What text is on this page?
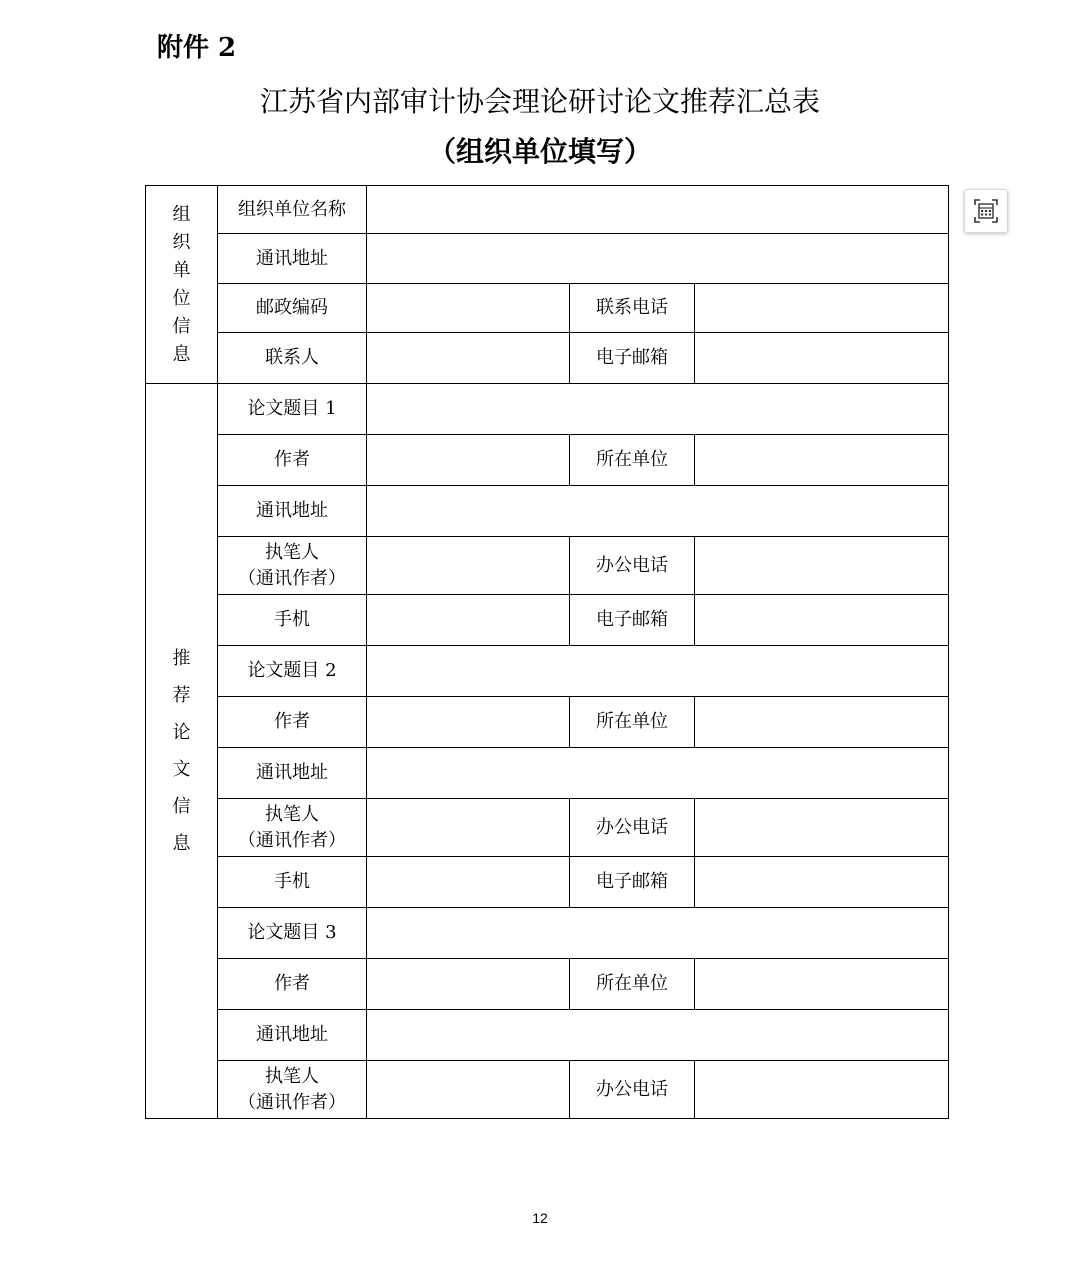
附件 2
江苏省内部审计协会理论研讨论文推荐汇总表
（组织单位填写）
组织单位信息	组织单位名称			
	通讯地址			
	邮政编码		联系电话	
	联系人		电子邮箱	
推荐论文信息	论文题目 1			
	作者		所在单位	
	通讯地址			
	执笔人
（通讯作者）		办公电话	
	手机		电子邮箱	
	论文题目 2			
	作者		所在单位	
	通讯地址			
	执笔人
（通讯作者）		办公电话	
	手机		电子邮箱	
	论文题目 3			
	作者		所在单位	
	通讯地址			
	执笔人
（通讯作者）		办公电话	
12
